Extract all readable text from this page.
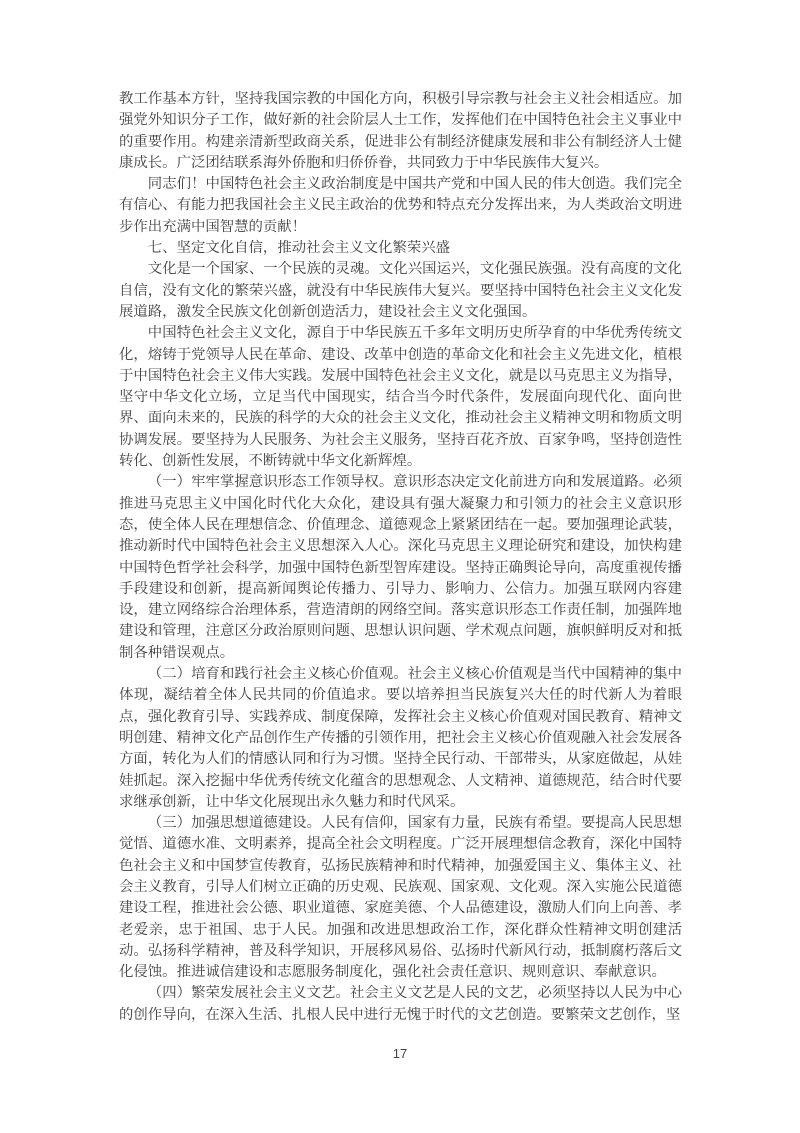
教工作基本方针，坚持我国宗教的中国化方向，积极引导宗教与社会主义社会相适应。加强党外知识分子工作，做好新的社会阶层人士工作，发挥他们在中国特色社会主义事业中的重要作用。构建亲清新型政商关系，促进非公有制经济健康发展和非公有制经济人士健康成长。广泛团结联系海外侨胞和归侨侨眷，共同致力于中华民族伟大复兴。

同志们！中国特色社会主义政治制度是中国共产党和中国人民的伟大创造。我们完全有信心、有能力把我国社会主义民主政治的优势和特点充分发挥出来，为人类政治文明进步作出充满中国智慧的贡献！

七、坚定文化自信，推动社会主义文化繁荣兴盛

文化是一个国家、一个民族的灵魂。文化兴国运兴，文化强民族强。没有高度的文化自信，没有文化的繁荣兴盛，就没有中华民族伟大复兴。要坚持中国特色社会主义文化发展道路，激发全民族文化创新创造活力，建设社会主义文化强国。

中国特色社会主义文化，源自于中华民族五千多年文明历史所孕育的中华优秀传统文化，熔铸于党领导人民在革命、建设、改革中创造的革命文化和社会主义先进文化，植根于中国特色社会主义伟大实践。发展中国特色社会主义文化，就是以马克思主义为指导，坚守中华文化立场，立足当代中国现实，结合当今时代条件，发展面向现代化、面向世界、面向未来的，民族的科学的大众的社会主义文化，推动社会主义精神文明和物质文明协调发展。要坚持为人民服务、为社会主义服务，坚持百花齐放、百家争鸣，坚持创造性转化、创新性发展，不断铸就中华文化新辉煌。

（一）牢牢掌握意识形态工作领导权。意识形态决定文化前进方向和发展道路。必须推进马克思主义中国化时代化大众化，建设具有强大凝聚力和引领力的社会主义意识形态，使全体人民在理想信念、价值理念、道德观念上紧紧团结在一起。要加强理论武装，推动新时代中国特色社会主义思想深入人心。深化马克思主义理论研究和建设，加快构建中国特色哲学社会科学，加强中国特色新型智库建设。坚持正确舆论导向，高度重视传播手段建设和创新，提高新闻舆论传播力、引导力、影响力、公信力。加强互联网内容建设，建立网络综合治理体系，营造清朗的网络空间。落实意识形态工作责任制，加强阵地建设和管理，注意区分政治原则问题、思想认识问题、学术观点问题，旗帜鲜明反对和抵制各种错误观点。

（二）培育和践行社会主义核心价值观。社会主义核心价值观是当代中国精神的集中体现，凝结着全体人民共同的价值追求。要以培养担当民族复兴大任的时代新人为着眼点，强化教育引导、实践养成、制度保障，发挥社会主义核心价值观对国民教育、精神文明创建、精神文化产品创作生产传播的引领作用，把社会主义核心价值观融入社会发展各方面，转化为人们的情感认同和行为习惯。坚持全民行动、干部带头，从家庭做起，从娃娃抓起。深入挖掘中华优秀传统文化蕴含的思想观念、人文精神、道德规范，结合时代要求继承创新，让中华文化展现出永久魅力和时代风采。

（三）加强思想道德建设。人民有信仰，国家有力量，民族有希望。要提高人民思想觉悟、道德水准、文明素养，提高全社会文明程度。广泛开展理想信念教育，深化中国特色社会主义和中国梦宣传教育，弘扬民族精神和时代精神，加强爱国主义、集体主义、社会主义教育，引导人们树立正确的历史观、民族观、国家观、文化观。深入实施公民道德建设工程，推进社会公德、职业道德、家庭美德、个人品德建设，激励人们向上向善、孝老爱亲，忠于祖国、忠于人民。加强和改进思想政治工作，深化群众性精神文明创建活动。弘扬科学精神，普及科学知识，开展移风易俗、弘扬时代新风行动，抵制腐朽落后文化侵蚀。推进诚信建设和志愿服务制度化，强化社会责任意识、规则意识、奉献意识。

（四）繁荣发展社会主义文艺。社会主义文艺是人民的文艺，必须坚持以人民为中心的创作导向，在深入生活、扎根人民中进行无愧于时代的文艺创造。要繁荣文艺创作，坚

17
